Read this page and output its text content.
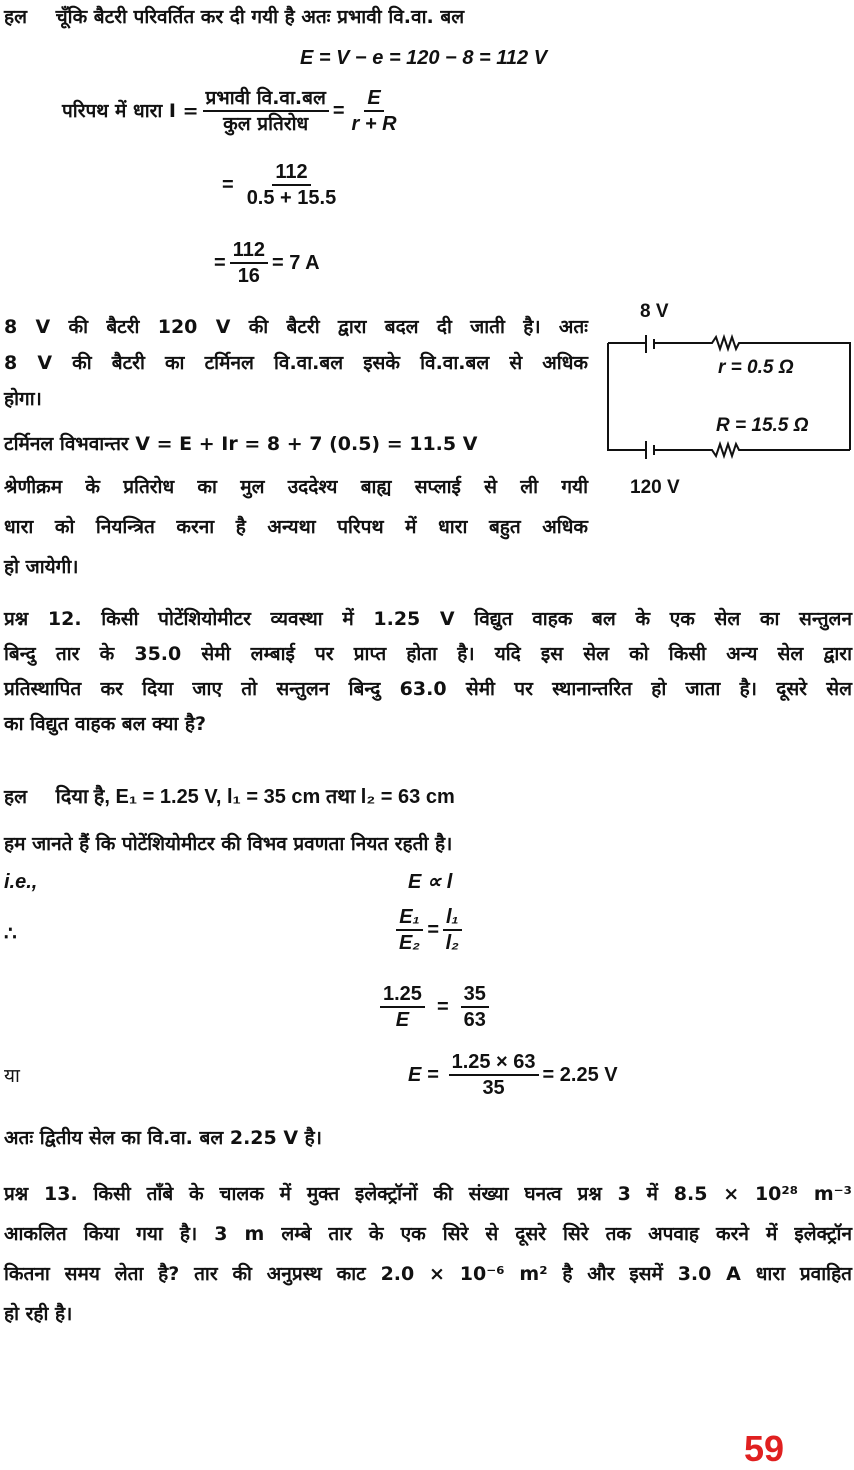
हल चूँकि बैटरी परिवर्तित कर दी गयी है अतः प्रभावी वि.वा. बल
E = V − e = 120 − 8 = 112 V
परिपथ में धारा $I = \frac{\text{प्रभावी वि.वा.बल}}{\text{कुल प्रतिरोध}} = \frac{E}{r + R}$
= $\frac{112}{0.5 + 15.5}$
= $\frac{112}{16} = 7$ A
8 V की बैटरी 120 V की बैटरी द्वारा बदल दी जाती है। अतः
8 V की बैटरी का टर्मिनल वि.वा.बल इसके वि.वा.बल से अधिक
होगा।
टर्मिनल विभवान्तर V = E + Ir = 8 + 7 (0.5) = 11.5 V
श्रेणीक्रम के प्रतिरोध का मुल उददेश्य बाह्य सप्लाई से ली गयी
धारा को नियन्त्रित करना है अन्यथा परिपथ में धारा बहुत अधिक
हो जायेगी।
8 V
r = 0.5 Ω
R = 15.5 Ω
120 V
प्रश्न 12. किसी पोटेंशियोमीटर व्यवस्था में 1.25 V विद्युत वाहक बल के एक सेल का सन्तुलन
बिन्दु तार के 35.0 सेमी लम्बाई पर प्राप्त होता है। यदि इस सेल को किसी अन्य सेल द्वारा
प्रतिस्थापित कर दिया जाए तो सन्तुलन बिन्दु 63.0 सेमी पर स्थानान्तरित हो जाता है। दूसरे सेल
का विद्युत वाहक बल क्या है?
हल दिया है, E₁ = 1.25 V, l₁ = 35 cm तथा l₂ = 63 cm
हम जानते हैं कि पोटेंशियोमीटर की विभव प्रवणता नियत रहती है।
i.e.,	E ∝ l
∴	$\frac{\text{E₁}}{\text{E₂}} = \frac{\text{l₁}}{\text{l₂}}$
$\frac{1.25}{E} = \frac{35}{63}$
या	$E = \frac{1.25 \times 63}{35} = 2.25$ V
अतः द्वितीय सेल का वि.वा. बल 2.25 V है।
प्रश्न 13. किसी ताँबे के चालक में मुक्त इलेक्ट्रॉनों की संख्या घनत्व प्रश्न 3 में 8.5 × 10²⁸ m⁻³
आकलित किया गया है। 3 m लम्बे तार के एक सिरे से दूसरे सिरे तक अपवाह करने में इलेक्ट्रॉन
कितना समय लेता है? तार की अनुप्रस्थ काट 2.0 × 10⁻⁶ m² है और इसमें 3.0 A धारा प्रवाहित
हो रही है।
59
